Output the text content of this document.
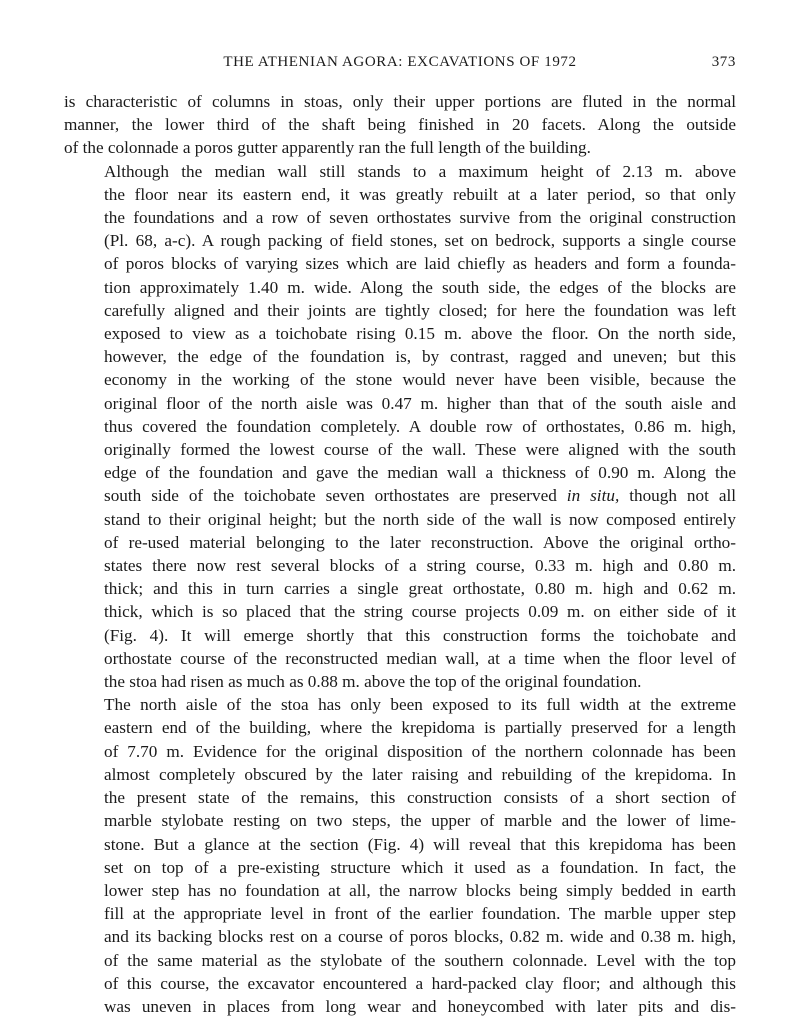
THE ATHENIAN AGORA: EXCAVATIONS OF 1972	373

is characteristic of columns in stoas, only their upper portions are fluted in the normal
manner, the lower third of the shaft being finished in 20 facets. Along the outside
of the colonnade a poros gutter apparently ran the full length of the building.

Although the median wall still stands to a maximum height of 2.13 m. above
the floor near its eastern end, it was greatly rebuilt at a later period, so that only
the foundations and a row of seven orthostates survive from the original construction
(Pl. 68, a-c). A rough packing of field stones, set on bedrock, supports a single course
of poros blocks of varying sizes which are laid chiefly as headers and form a founda-
tion approximately 1.40 m. wide. Along the south side, the edges of the blocks are
carefully aligned and their joints are tightly closed; for here the foundation was left
exposed to view as a toichobate rising 0.15 m. above the floor. On the north side,
however, the edge of the foundation is, by contrast, ragged and uneven; but this
economy in the working of the stone would never have been visible, because the
original floor of the north aisle was 0.47 m. higher than that of the south aisle and
thus covered the foundation completely. A double row of orthostates, 0.86 m. high,
originally formed the lowest course of the wall. These were aligned with the south
edge of the foundation and gave the median wall a thickness of 0.90 m. Along the
south side of the toichobate seven orthostates are preserved in situ, though not all
stand to their original height; but the north side of the wall is now composed entirely
of re-used material belonging to the later reconstruction. Above the original ortho-
states there now rest several blocks of a string course, 0.33 m. high and 0.80 m.
thick; and this in turn carries a single great orthostate, 0.80 m. high and 0.62 m.
thick, which is so placed that the string course projects 0.09 m. on either side of it
(Fig. 4). It will emerge shortly that this construction forms the toichobate and
orthostate course of the reconstructed median wall, at a time when the floor level of
the stoa had risen as much as 0.88 m. above the top of the original foundation.

The north aisle of the stoa has only been exposed to its full width at the extreme
eastern end of the building, where the krepidoma is partially preserved for a length
of 7.70 m. Evidence for the original disposition of the northern colonnade has been
almost completely obscured by the later raising and rebuilding of the krepidoma. In
the present state of the remains, this construction consists of a short section of
marble stylobate resting on two steps, the upper of marble and the lower of lime-
stone. But a glance at the section (Fig. 4) will reveal that this krepidoma has been
set on top of a pre-existing structure which it used as a foundation. In fact, the
lower step has no foundation at all, the narrow blocks being simply bedded in earth
fill at the appropriate level in front of the earlier foundation. The marble upper step
and its backing blocks rest on a course of poros blocks, 0.82 m. wide and 0.38 m. high,
of the same material as the stylobate of the southern colonnade. Level with the top
of this course, the excavator encountered a hard-packed clay floor; and although this
was uneven in places from long wear and honeycombed with later pits and dis-
